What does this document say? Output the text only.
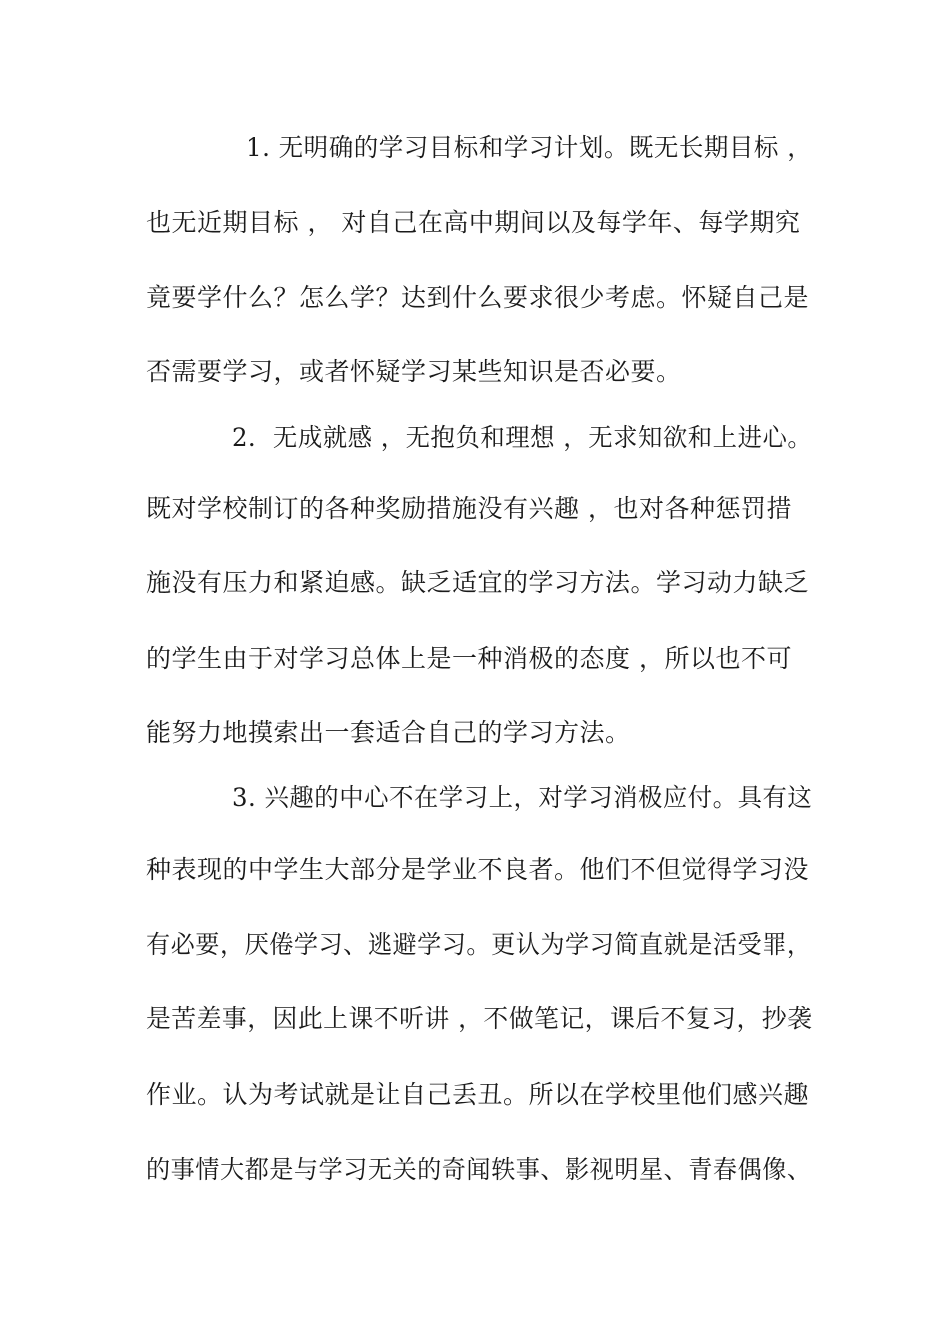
1. 无明确的学习目标和学习计划。既无长期目标 ，
也无近期目标 ， 对自己在高中期间以及每学年、每学期究
竟要学什么？怎么学？达到什么要求很少考虑。怀疑自己是
否需要学习，或者怀疑学习某些知识是否必要。
2．无成就感 ，无抱负和理想 ，无求知欲和上进心。
既对学校制订的各种奖励措施没有兴趣 ，也对各种惩罚措
施没有压力和紧迫感。缺乏适宜的学习方法。学习动力缺乏
的学生由于对学习总体上是一种消极的态度 ，所以也不可
能努力地摸索出一套适合自己的学习方法。
3. 兴趣的中心不在学习上，对学习消极应付。具有这
种表现的中学生大部分是学业不良者。他们不但觉得学习没
有必要，厌倦学习、逃避学习。更认为学习简直就是活受罪，
是苦差事，因此上课不听讲 ，不做笔记，课后不复习，抄袭
作业。认为考试就是让自己丢丑。所以在学校里他们感兴趣
的事情大都是与学习无关的奇闻轶事、影视明星、青春偶像、
